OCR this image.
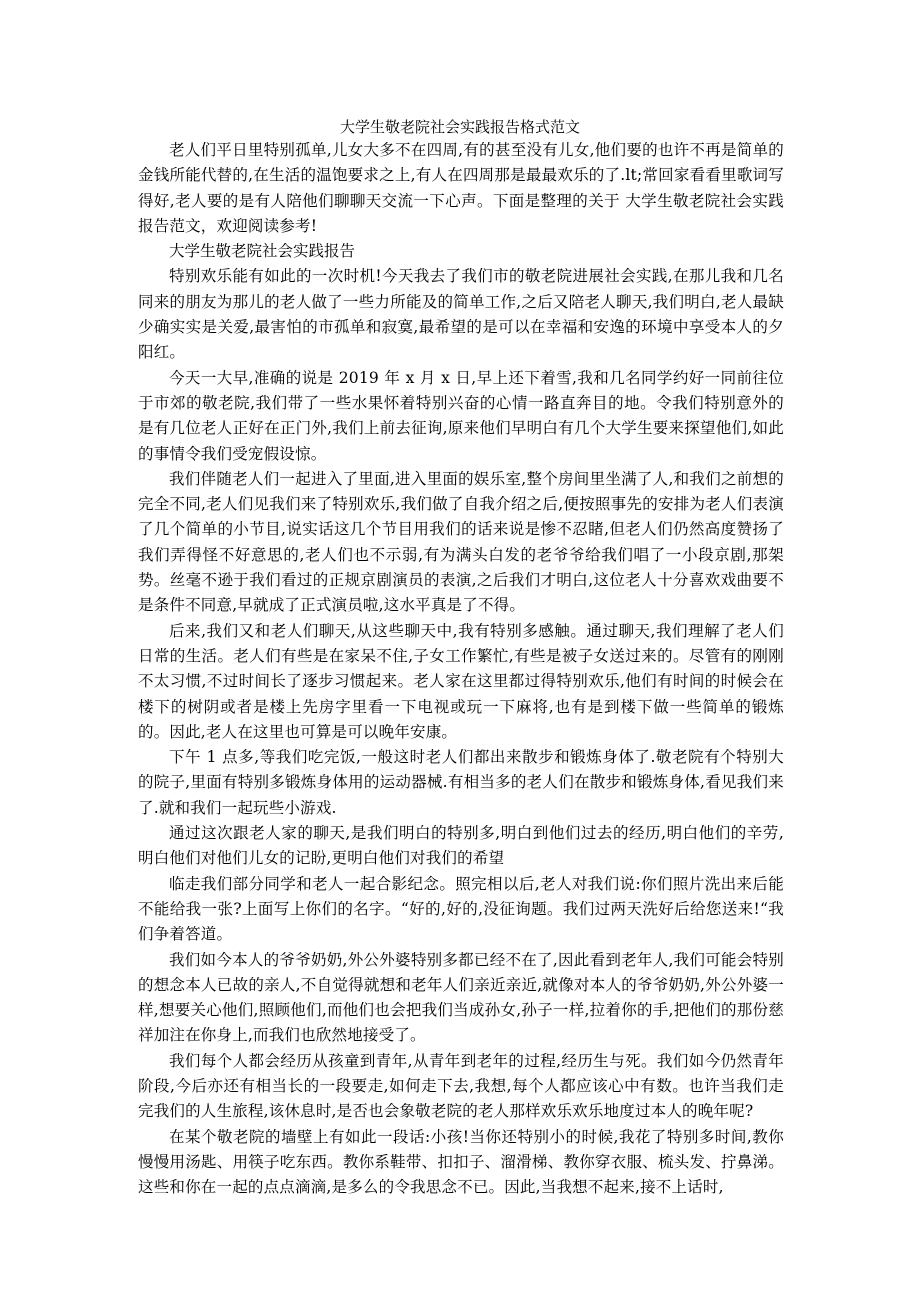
大学生敬老院社会实践报告格式范文

老人们平日里特别孤单,儿女大多不在四周,有的甚至没有儿女,他们要的也许不再是简单的金钱所能代替的,在生活的温饱要求之上,有人在四周那是最最欢乐的了.lt;常回家看看里歌词写得好,老人要的是有人陪他们聊聊天交流一下心声。下面是整理的关于 大学生敬老院社会实践报告范文，欢迎阅读参考!

大学生敬老院社会实践报告

特别欢乐能有如此的一次时机!今天我去了我们市的敬老院进展社会实践,在那儿我和几名同来的朋友为那儿的老人做了一些力所能及的简单工作,之后又陪老人聊天,我们明白,老人最缺少确实实是关爱,最害怕的市孤单和寂寞,最希望的是可以在幸福和安逸的环境中享受本人的夕阳红。

今天一大早,准确的说是 2019 年 x 月 x 日,早上还下着雪,我和几名同学约好一同前往位于市郊的敬老院,我们带了一些水果怀着特别兴奋的心情一路直奔目的地。令我们特别意外的是有几位老人正好在正门外,我们上前去征询,原来他们早明白有几个大学生要来探望他们,如此的事情令我们受宠假设惊。

我们伴随老人们一起进入了里面,进入里面的娱乐室,整个房间里坐满了人,和我们之前想的完全不同,老人们见我们来了特别欢乐,我们做了自我介绍之后,便按照事先的安排为老人们表演了几个简单的小节目,说实话这几个节目用我们的话来说是惨不忍睹,但老人们仍然高度赞扬了我们弄得怪不好意思的,老人们也不示弱,有为满头白发的老爷爷给我们唱了一小段京剧,那架势。丝毫不逊于我们看过的正规京剧演员的表演,之后我们才明白,这位老人十分喜欢戏曲要不是条件不同意,早就成了正式演员啦,这水平真是了不得。

后来,我们又和老人们聊天,从这些聊天中,我有特别多感触。通过聊天,我们理解了老人们日常的生活。老人们有些是在家呆不住,子女工作繁忙,有些是被子女送过来的。尽管有的刚刚不太习惯,不过时间长了逐步习惯起来。老人家在这里都过得特别欢乐,他们有时间的时候会在楼下的树阴或者是楼上先房字里看一下电视或玩一下麻将,也有是到楼下做一些简单的锻炼的。因此,老人在这里也可算是可以晚年安康。

下午 1 点多,等我们吃完饭,一般这时老人们都出来散步和锻炼身体了.敬老院有个特别大的院子,里面有特别多锻炼身体用的运动器械.有相当多的老人们在散步和锻炼身体,看见我们来了.就和我们一起玩些小游戏.

通过这次跟老人家的聊天,是我们明白的特别多,明白到他们过去的经历,明白他们的辛劳,明白他们对他们儿女的记盼,更明白他们对我们的希望

临走我们部分同学和老人一起合影纪念。照完相以后,老人对我们说:你们照片洗出来后能不能给我一张?上面写上你们的名字。“好的,好的,没征询题。我们过两天洗好后给您送来!“我们争着答道。

我们如今本人的爷爷奶奶,外公外婆特别多都已经不在了,因此看到老年人,我们可能会特别的想念本人已故的亲人,不自觉得就想和老年人们亲近亲近,就像对本人的爷爷奶奶,外公外婆一样,想要关心他们,照顾他们,而他们也会把我们当成孙女,孙子一样,拉着你的手,把他们的那份慈祥加注在你身上,而我们也欣然地接受了。

我们每个人都会经历从孩童到青年,从青年到老年的过程,经历生与死。我们如今仍然青年阶段,今后亦还有相当长的一段要走,如何走下去,我想,每个人都应该心中有数。也许当我们走完我们的人生旅程,该休息时,是否也会象敬老院的老人那样欢乐欢乐地度过本人的晚年呢?

在某个敬老院的墙壁上有如此一段话:小孩!当你还特别小的时候,我花了特别多时间,教你慢慢用汤匙、用筷子吃东西。教你系鞋带、扣扣子、溜滑梯、教你穿衣服、梳头发、拧鼻涕。这些和你在一起的点点滴滴,是多么的令我思念不已。因此,当我想不起来,接不上话时,
